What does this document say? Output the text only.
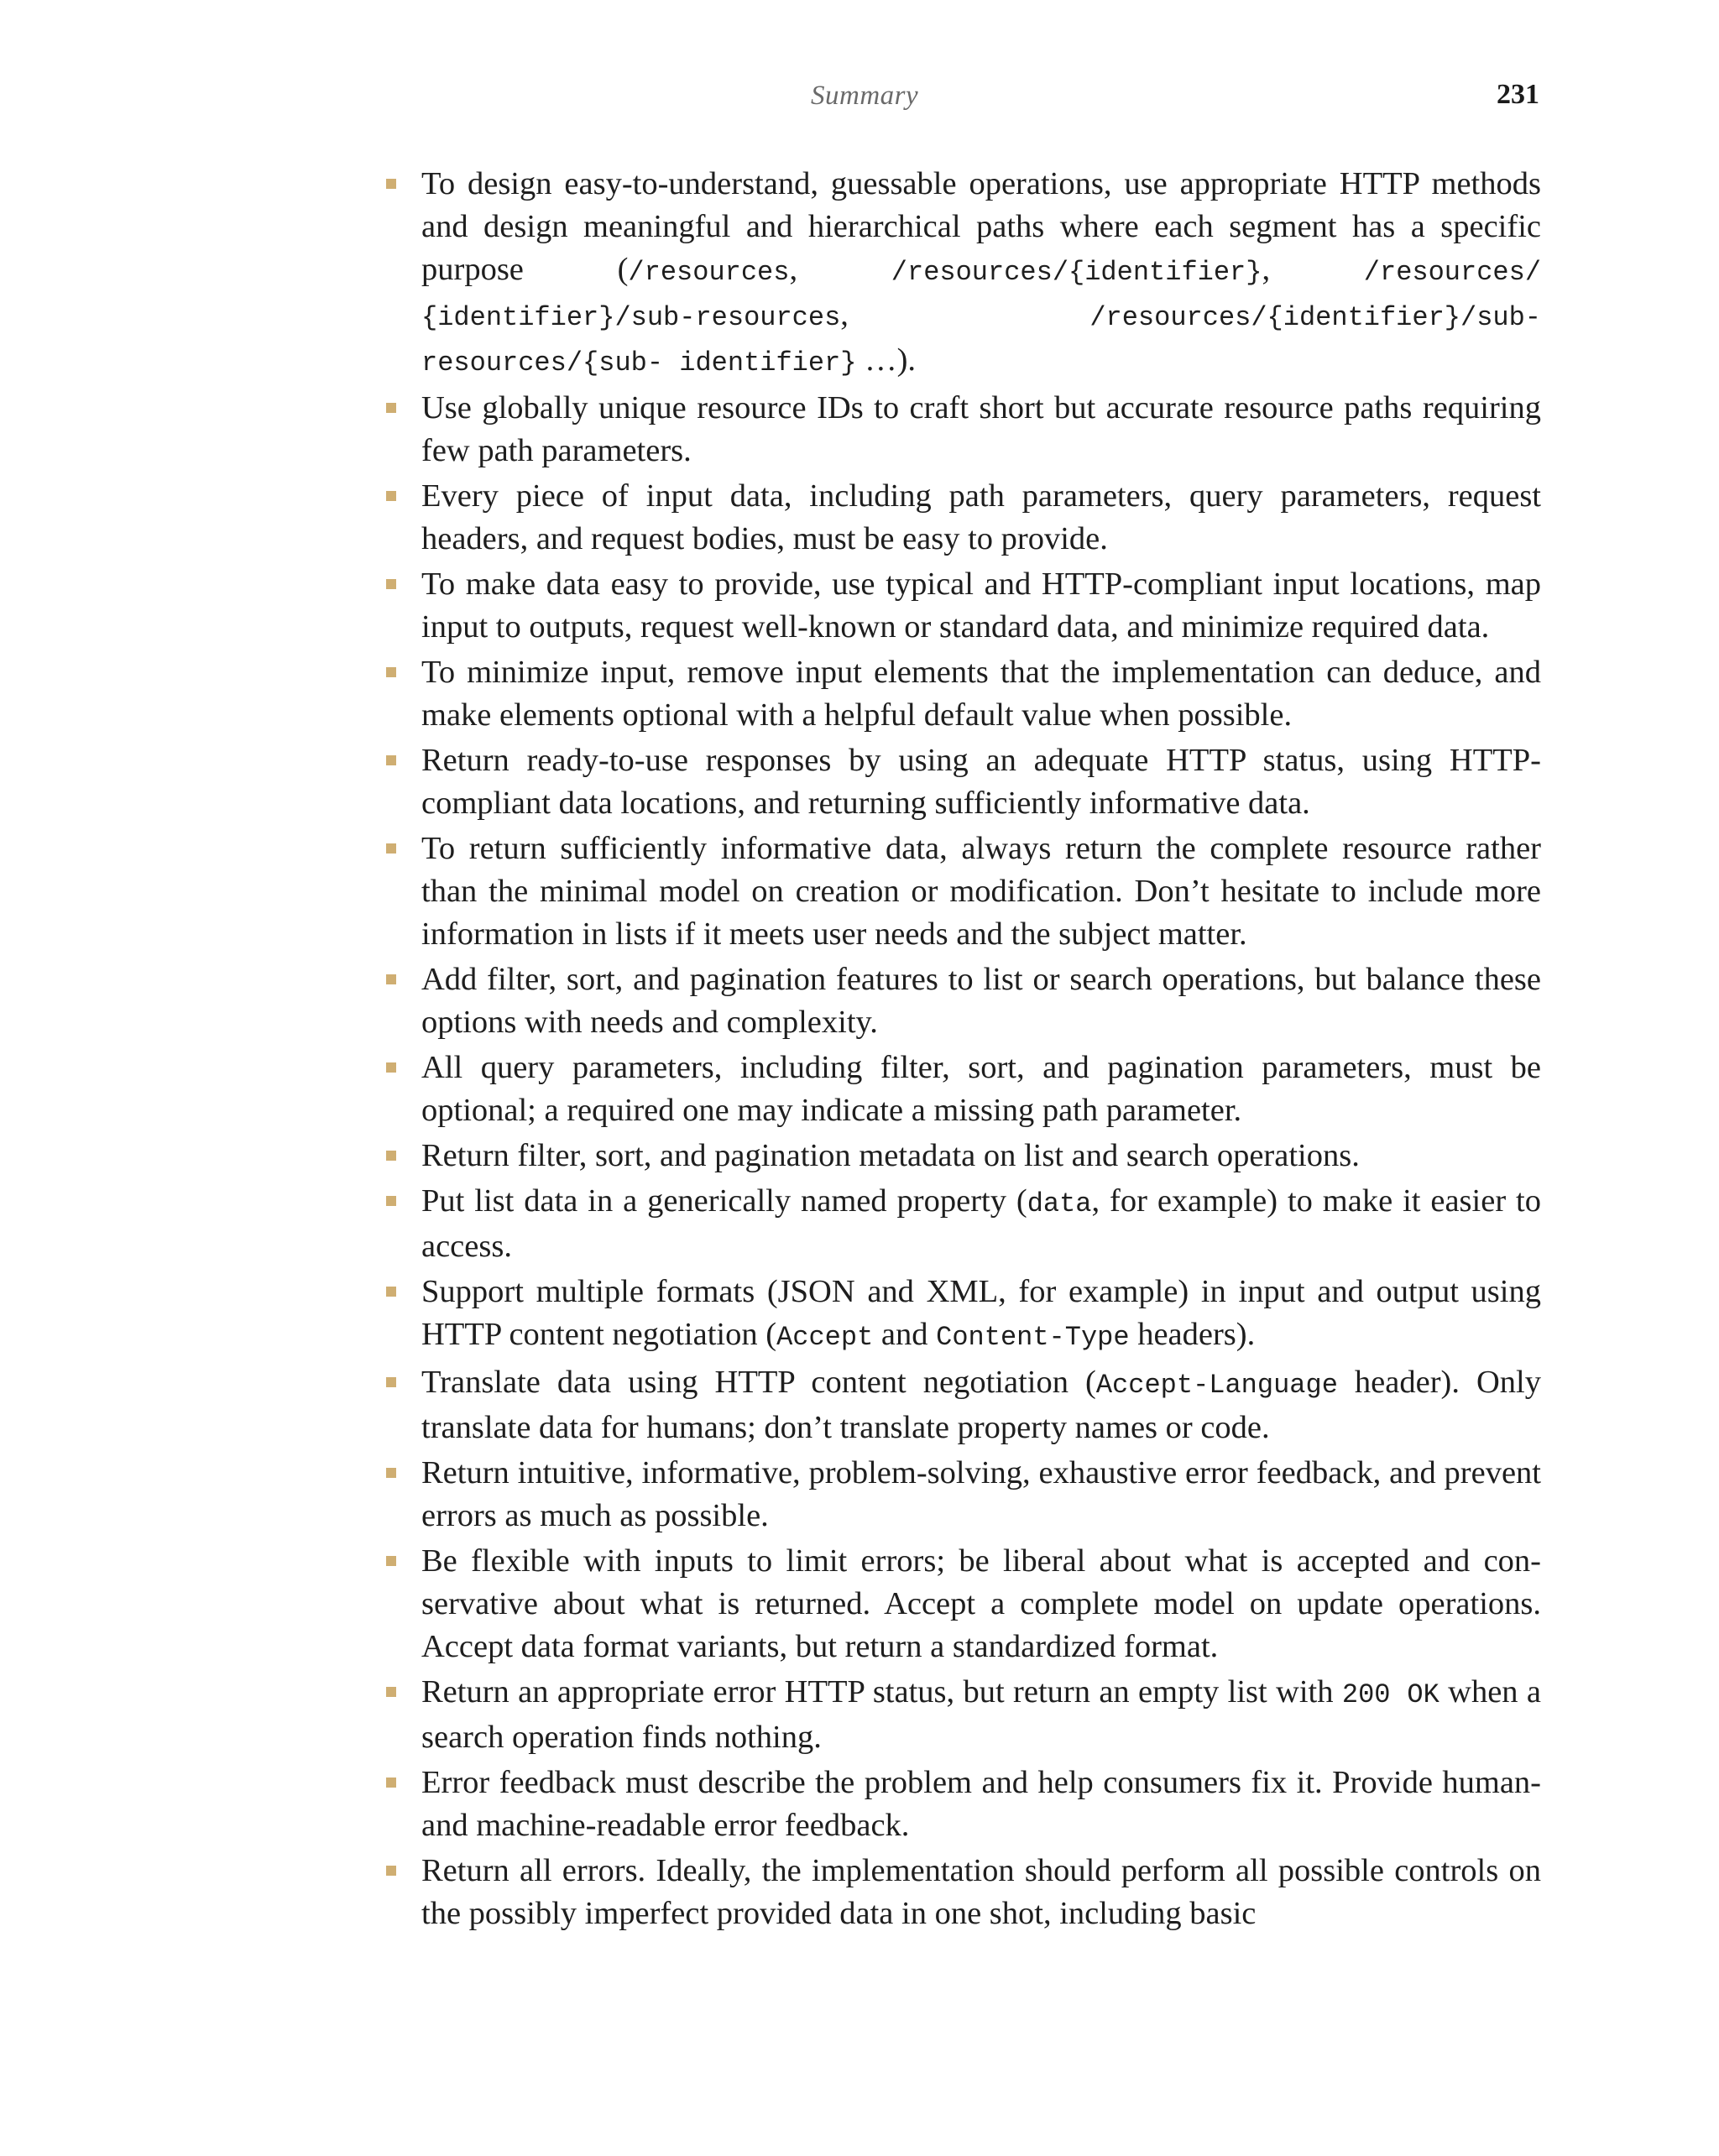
Summary	231
To design easy-to-understand, guessable operations, use appropriate HTTP methods and design meaningful and hierarchical paths where each segment has a specific purpose (/resources, /resources/{identifier}, /resources/ {identifier}/sub-resources, /resources/{identifier}/sub-resources/{sub- identifier} …).
Use globally unique resource IDs to craft short but accurate resource paths requiring few path parameters.
Every piece of input data, including path parameters, query parameters, request headers, and request bodies, must be easy to provide.
To make data easy to provide, use typical and HTTP-compliant input locations, map input to outputs, request well-known or standard data, and minimize required data.
To minimize input, remove input elements that the implementation can deduce, and make elements optional with a helpful default value when possible.
Return ready-to-use responses by using an adequate HTTP status, using HTTP-compliant data locations, and returning sufficiently informative data.
To return sufficiently informative data, always return the complete resource rather than the minimal model on creation or modification. Don’t hesitate to include more information in lists if it meets user needs and the subject matter.
Add filter, sort, and pagination features to list or search operations, but balance these options with needs and complexity.
All query parameters, including filter, sort, and pagination parameters, must be optional; a required one may indicate a missing path parameter.
Return filter, sort, and pagination metadata on list and search operations.
Put list data in a generically named property (data, for example) to make it easier to access.
Support multiple formats (JSON and XML, for example) in input and output using HTTP content negotiation (Accept and Content-Type headers).
Translate data using HTTP content negotiation (Accept-Language header). Only translate data for humans; don’t translate property names or code.
Return intuitive, informative, problem-solving, exhaustive error feedback, and prevent errors as much as possible.
Be flexible with inputs to limit errors; be liberal about what is accepted and conservative about what is returned. Accept a complete model on update operations. Accept data format variants, but return a standardized format.
Return an appropriate error HTTP status, but return an empty list with 200 OK when a search operation finds nothing.
Error feedback must describe the problem and help consumers fix it. Provide human- and machine-readable error feedback.
Return all errors. Ideally, the implementation should perform all possible controls on the possibly imperfect provided data in one shot, including basic
